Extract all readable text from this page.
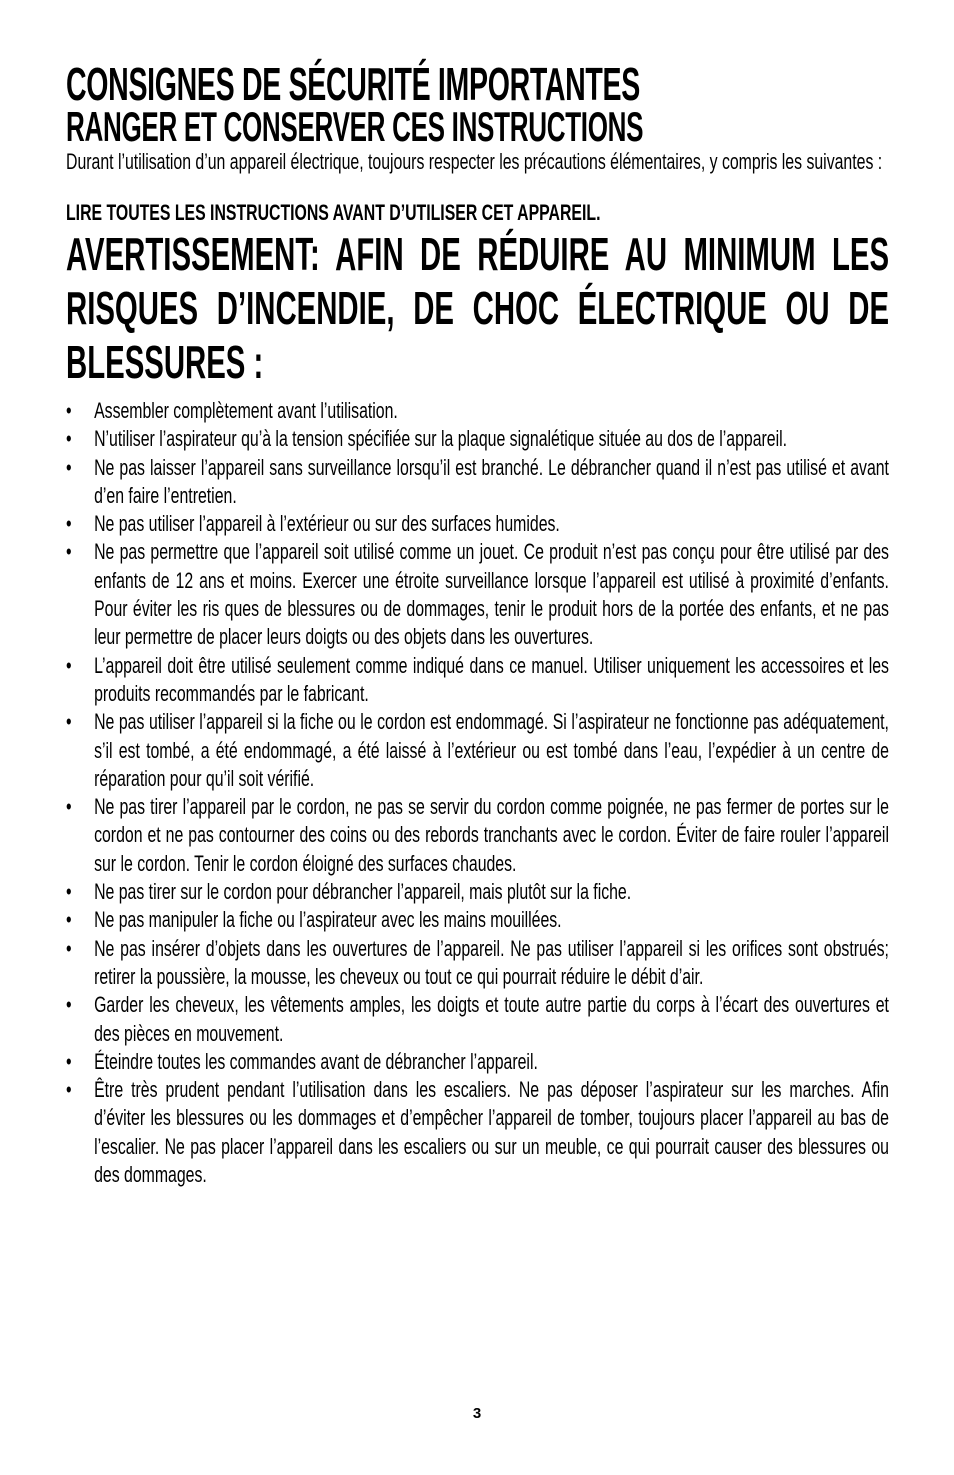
CONSIGNES DE SÉCURITÉ IMPORTANTES
RANGER ET CONSERVER CES INSTRUCTIONS

Durant l’utilisation d’un appareil électrique, toujours respecter les précautions élémentaires, y compris les suivantes :

LIRE TOUTES LES INSTRUCTIONS AVANT D’UTILISER CET APPAREIL.

AVERTISSEMENT: AFIN DE RÉDUIRE AU MINIMUM LES RISQUES D’INCENDIE, DE CHOC ÉLECTRIQUE OU DE BLESSURES :

• Assembler complètement avant l’utilisation.
• N’utiliser l’aspirateur qu’à la tension spécifiée sur la plaque signalétique située au dos de l’appareil.
• Ne pas laisser l’appareil sans surveillance lorsqu’il est branché. Le débrancher quand il n’est pas utilisé et avant d’en faire l’entretien.
• Ne pas utiliser l’appareil à l’extérieur ou sur des surfaces humides.
• Ne pas permettre que l’appareil soit utilisé comme un jouet. Ce produit n’est pas conçu pour être utilisé par des enfants de 12 ans et moins. Exercer une étroite surveillance lorsque l’appareil est utilisé à proximité d’enfants. Pour éviter les ris ques de blessures ou de dommages, tenir le produit hors de la portée des enfants, et ne pas leur permettre de placer leurs doigts ou des objets dans les ouvertures.
• L’appareil doit être utilisé seulement comme indiqué dans ce manuel. Utiliser uniquement les accessoires et les produits recommandés par le fabricant.
• Ne pas utiliser l’appareil si la fiche ou le cordon est endommagé. Si l’aspirateur ne fonctionne pas adéquatement, s’il est tombé, a été endommagé, a été laissé à l’extérieur ou est tombé dans l’eau, l’expédier à un centre de réparation pour qu’il soit vérifié.
• Ne pas tirer l’appareil par le cordon, ne pas se servir du cordon comme poignée, ne pas fermer de portes sur le cordon et ne pas contourner des coins ou des rebords tranchants avec le cordon. Éviter de faire rouler l’appareil sur le cordon. Tenir le cordon éloigné des surfaces chaudes.
• Ne pas tirer sur le cordon pour débrancher l’appareil, mais plutôt sur la fiche.
• Ne pas manipuler la fiche ou l’aspirateur avec les mains mouillées.
• Ne pas insérer d’objets dans les ouvertures de l’appareil. Ne pas utiliser l’appareil si les orifices sont obstrués; retirer la poussière, la mousse, les cheveux ou tout ce qui pourrait réduire le débit d’air.
• Garder les cheveux, les vêtements amples, les doigts et toute autre partie du corps à l’écart des ouvertures et des pièces en mouvement.
• Éteindre toutes les commandes avant de débrancher l’appareil.
• Être très prudent pendant l’utilisation dans les escaliers. Ne pas déposer l’aspirateur sur les marches. Afin d’éviter les blessures ou les dommages et d’empêcher l’appareil de tomber, toujours placer l’appareil au bas de l’escalier. Ne pas placer l’appareil dans les escaliers ou sur un meuble, ce qui pourrait causer des blessures ou des dommages.
3
